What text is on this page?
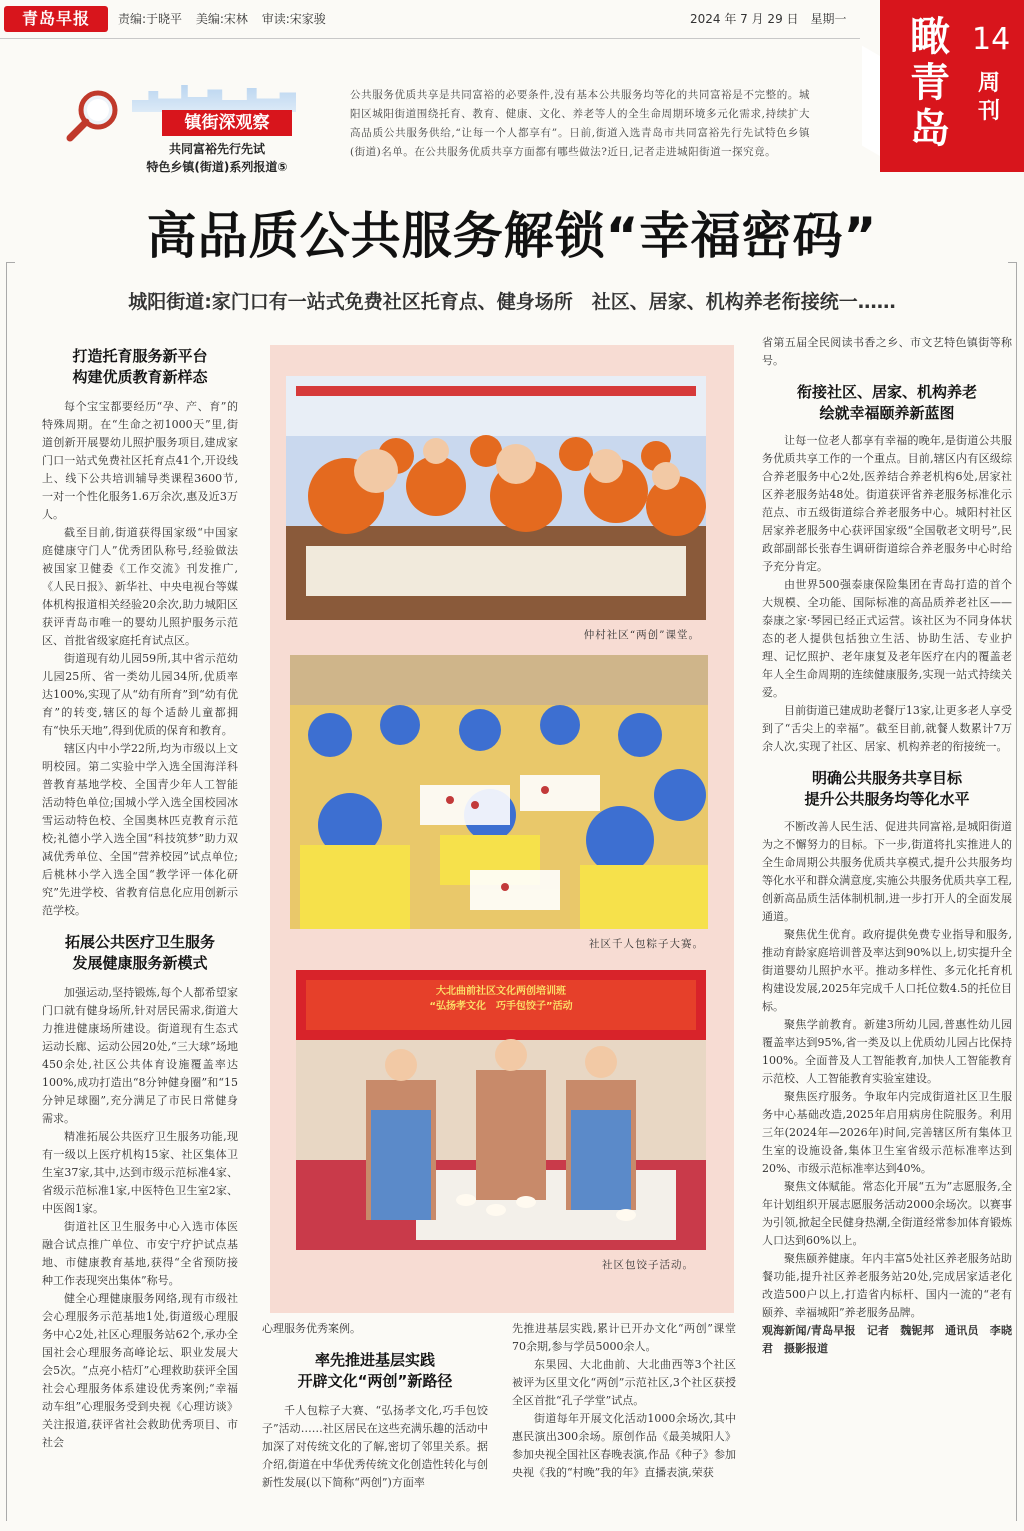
青岛早报	责编:于晓平 美编:宋林 审读:宋家骏	2024 年 7 月 29 日　星期一	瞰青岛
14
周刊
镇街深观察
共同富裕先行先试
特色乡镇(街道)系列报道⑤
公共服务优质共享是共同富裕的必要条件,没有基本公共服务均等化的共同富裕是不完整的。城阳区城阳街道围绕托育、教育、健康、文化、养老等人的全生命周期环境多元化需求,持续扩大高品质公共服务供给,“让每一个人都享有”。日前,街道入选青岛市共同富裕先行先试特色乡镇(街道)名单。在公共服务优质共享方面都有哪些做法?近日,记者走进城阳街道一探究竟。
高品质公共服务解锁“幸福密码”
城阳街道:家门口有一站式免费社区托育点、健身场所　社区、居家、机构养老衔接统一……
打造托育服务新平台
构建优质教育新样态

每个宝宝都要经历“孕、产、育”的特殊周期。在“生命之初1000天”里,街道创新开展婴幼儿照护服务项目,建成家门口一站式免费社区托育点41个,开设线上、线下公共培训辅导类课程3600节,一对一个性化服务1.6万余次,惠及近3万人。

截至目前,街道获得国家级“中国家庭健康守门人”优秀团队称号,经验做法被国家卫健委《工作交流》刊发推广,《人民日报》、新华社、中央电视台等媒体机构报道相关经验20余次,助力城阳区获评青岛市唯一的婴幼儿照护服务示范区、首批省级家庭托育试点区。

街道现有幼儿园59所,其中省示范幼儿园25所、省一类幼儿园34所,优质率达100%,实现了从“幼有所育”到“幼有优育”的转变,辖区的每个适龄儿童都拥有“快乐天地”,得到优质的保育和教育。

辖区内中小学22所,均为市级以上文明校园。第二实验中学入选全国海洋科普教育基地学校、全国青少年人工智能活动特色单位;国城小学入选全国校园冰雪运动特色校、全国奥林匹克教育示范校;礼德小学入选全国“科技筑梦”助力双减优秀单位、全国“营养校园”试点单位;后桃林小学入选全国“教学评一体化研究”先进学校、省教育信息化应用创新示范学校。

拓展公共医疗卫生服务
发展健康服务新模式

加强运动,坚持锻炼,每个人都希望家门口就有健身场所,针对居民需求,街道大力推进健康场所建设。街道现有生态式运动长廊、运动公园20处,“三大球”场地450余处,社区公共体育设施覆盖率达100%,成功打造出“8分钟健身圈”和“15分钟足球圈”,充分满足了市民日常健身需求。

精准拓展公共医疗卫生服务功能,现有一级以上医疗机构15家、社区集体卫生室37家,其中,达到市级示范标准4家、省级示范标准1家,中医特色卫生室2家、中医阁1家。

街道社区卫生服务中心入选市体医融合试点推广单位、市安宁疗护试点基地、市健康教育基地,获得“全省预防接种工作表现突出集体”称号。

健全心理健康服务网络,现有市级社会心理服务示范基地1处,街道级心理服务中心2处,社区心理服务站62个,承办全国社会心理服务高峰论坛、职业发展大会5次。“点亮小桔灯”心理救助获评全国社会心理服务体系建设优秀案例;“幸福动车组”心理服务受到央视《心理访谈》关注报道,获评省社会救助优秀项目、市社会

仲村社区“两创”课堂。
社区千人包粽子大赛。
大北曲前社区文化两创培训班
“弘扬孝文化　巧手包饺子”活动
社区包饺子活动。

心理服务优秀案例。

率先推进基层实践
开辟文化“两创”新路径

千人包粽子大赛、“弘扬孝文化,巧手包饺子”活动……社区居民在这些充满乐趣的活动中加深了对传统文化的了解,密切了邻里关系。据介绍,街道在中华优秀传统文化创造性转化与创新性发展(以下简称“两创”)方面率

先推进基层实践,累计已开办文化“两创”课堂70余期,参与学员5000余人。

东果园、大北曲前、大北曲西等3个社区被评为区里文化“两创”示范社区,3个社区获授全区首批“孔子学堂”试点。

街道每年开展文化活动1000余场次,其中惠民演出300余场。原创作品《最美城阳人》参加央视全国社区春晚表演,作品《种子》参加央视《我的“村晚”我的年》直播表演,荣获

省第五届全民阅读书香之乡、市文艺特色镇街等称号。

衔接社区、居家、机构养老
绘就幸福颐养新蓝图

让每一位老人都享有幸福的晚年,是街道公共服务优质共享工作的一个重点。目前,辖区内有区级综合养老服务中心2处,医养结合养老机构6处,居家社区养老服务站48处。街道获评省养老服务标准化示范点、市五级街道综合养老服务中心。城阳村社区居家养老服务中心获评国家级“全国敬老文明号”,民政部副部长张春生调研街道综合养老服务中心时给予充分肯定。

由世界500强泰康保险集团在青岛打造的首个大规模、全功能、国际标准的高品质养老社区——泰康之家·琴园已经正式运营。该社区为不同身体状态的老人提供包括独立生活、协助生活、专业护理、记忆照护、老年康复及老年医疗在内的覆盖老年人全生命周期的连续健康服务,实现一站式持续关爱。

目前街道已建成助老餐厅13家,让更多老人享受到了“舌尖上的幸福”。截至目前,就餐人数累计7万余人次,实现了社区、居家、机构养老的衔接统一。

明确公共服务共享目标
提升公共服务均等化水平

不断改善人民生活、促进共同富裕,是城阳街道为之不懈努力的目标。下一步,街道将扎实推进人的全生命周期公共服务优质共享模式,提升公共服务均等化水平和群众满意度,实施公共服务优质共享工程,创新高品质生活体制机制,进一步打开人的全面发展通道。

聚焦优生优育。政府提供免费专业指导和服务,推动育龄家庭培训普及率达到90%以上,切实提升全街道婴幼儿照护水平。推动多样性、多元化托育机构建设发展,2025年完成千人口托位数4.5的托位目标。

聚焦学前教育。新建3所幼儿园,普惠性幼儿园覆盖率达到95%,省一类及以上优质幼儿园占比保持100%。全面普及人工智能教育,加快人工智能教育示范校、人工智能教育实验室建设。

聚焦医疗服务。争取年内完成街道社区卫生服务中心基础改造,2025年启用病房住院服务。利用三年(2024年—2026年)时间,完善辖区所有集体卫生室的设施设备,集体卫生室省级示范标准率达到20%、市级示范标准率达到40%。

聚焦文体赋能。常态化开展“五为”志愿服务,全年计划组织开展志愿服务活动2000余场次。以赛事为引领,掀起全民健身热潮,全街道经常参加体育锻炼人口达到60%以上。

聚焦颐养健康。年内丰富5处社区养老服务站助餐功能,提升社区养老服务站20处,完成居家适老化改造500户以上,打造省内标杆、国内一流的“老有颐养、幸福城阳”养老服务品牌。

观海新闻/青岛早报　记者　魏铌邦　通讯员　李晓君　摄影报道
